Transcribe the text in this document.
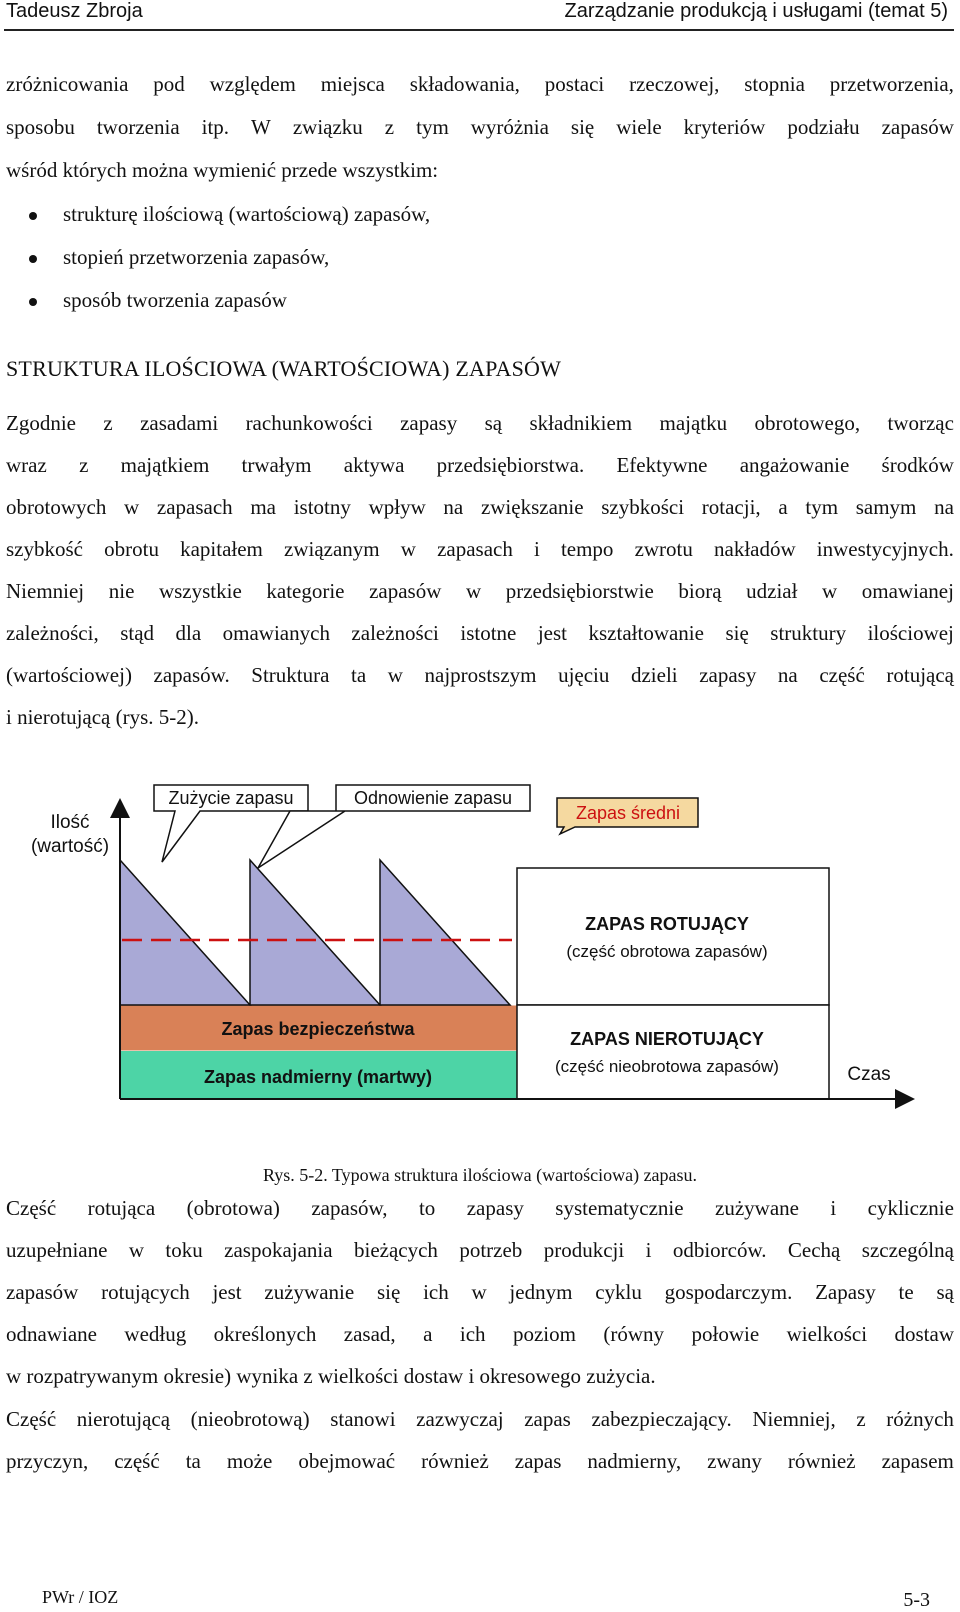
Tadeusz Zbroja	Zarządzanie produkcją i usługami (temat 5)
zróżnicowania pod względem miejsca składowania, postaci rzeczowej, stopnia przetworzenia,
sposobu tworzenia itp. W związku z tym wyróżnia się wiele kryteriów podziału zapasów
wśród których można wymienić przede wszystkim:
strukturę ilościową (wartościową) zapasów,
stopień przetworzenia zapasów,
sposób tworzenia zapasów
STRUKTURA ILOŚCIOWA (WARTOŚCIOWA) ZAPASÓW
Zgodnie z zasadami rachunkowości zapasy są składnikiem majątku obrotowego, tworząc
wraz z majątkiem trwałym aktywa przedsiębiorstwa. Efektywne angażowanie środków
obrotowych w zapasach ma istotny wpływ na zwiększanie szybkości rotacji, a tym samym na
szybkość obrotu kapitałem związanym w zapasach i tempo zwrotu nakładów inwestycyjnych.
Niemniej nie wszystkie kategorie zapasów w przedsiębiorstwie biorą udział w omawianej
zależności, stąd dla omawianych zależności istotne jest kształtowanie się struktury ilościowej
(wartościowej) zapasów. Struktura ta w najprostszym ujęciu dzieli zapasy na część rotującą
i nierotującą (rys. 5-2).
Ilość
(wartość)
Zużycie zapasu	Odnowienie zapasu
Zapas średni
ZAPAS ROTUJĄCY
(część obrotowa zapasów)
ZAPAS NIEROTUJĄCY
(część nieobrotowa zapasów)
Zapas bezpieczeństwa
Zapas nadmierny (martwy)	Czas
Rys. 5-2. Typowa struktura ilościowa (wartościowa) zapasu.
Część rotująca (obrotowa) zapasów, to zapasy systematycznie zużywane i cyklicznie
uzupełniane w toku zaspokajania bieżących potrzeb produkcji i odbiorców. Cechą szczególną
zapasów rotujących jest zużywanie się ich w jednym cyklu gospodarczym. Zapasy te są
odnawiane według określonych zasad, a ich poziom (równy połowie wielkości dostaw
w rozpatrywanym okresie) wynika z wielkości dostaw i okresowego zużycia.
Część nierotującą (nieobrotową) stanowi zazwyczaj zapas zabezpieczający. Niemniej, z różnych
przyczyn, część ta może obejmować również zapas nadmierny, zwany również zapasem
PWr / IOZ	5-3
